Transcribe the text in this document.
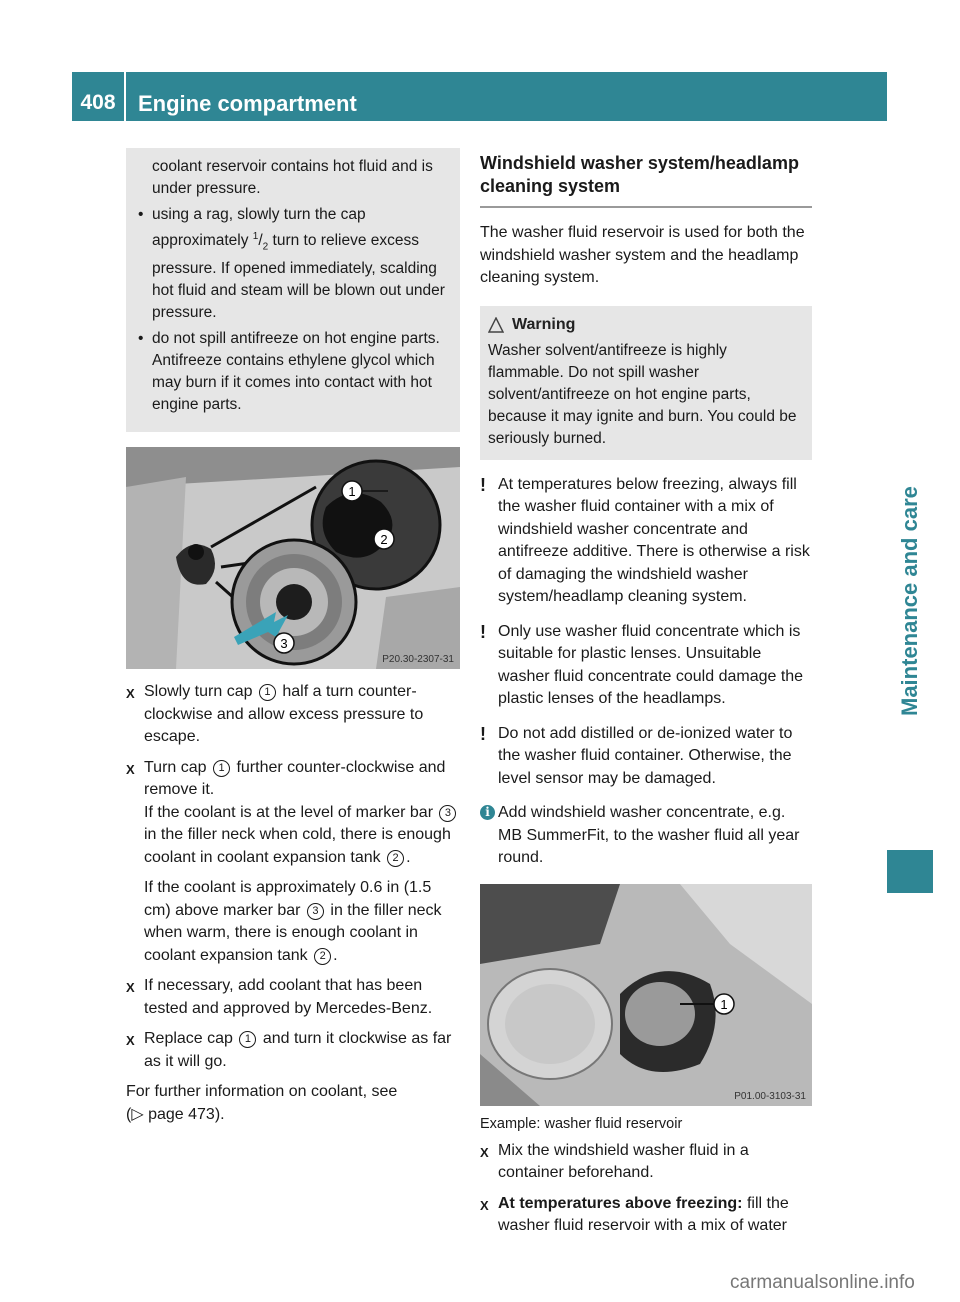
408	Engine compartment
Maintenance and care

coolant reservoir contains hot fluid and is under pressure.

• using a rag, slowly turn the cap approximately $^1/_2$ turn to relieve excess pressure. If opened immediately, scalding hot fluid and steam will be blown out under pressure.
• do not spill antifreeze on hot engine parts. Antifreeze contains ethylene glycol which may burn if it comes into contact with hot engine parts.
1
2
3
P20.30-2307-31
X Slowly turn cap 1 half a turn counter-clockwise and allow excess pressure to escape.

X Turn cap 1 further counter-clockwise and remove it.
If the coolant is at the level of marker bar 3 in the filler neck when cold, there is enough coolant in coolant expansion tank 2 .

If the coolant is approximately 0.6 in (1.5 cm) above marker bar 3 in the filler neck when warm, there is enough coolant in coolant expansion tank 2 .

X If necessary, add coolant that has been tested and approved by Mercedes-Benz.

X Replace cap 1 and turn it clockwise as far as it will go.

For further information on coolant, see
(▷ page 473).

Windshield washer system/headlamp cleaning system

The washer fluid reservoir is used for both the windshield washer system and the headlamp cleaning system.

Warning
Washer solvent/antifreeze is highly flammable. Do not spill washer solvent/antifreeze on hot engine parts, because it may ignite and burn. You could be seriously burned.
! At temperatures below freezing, always fill the washer fluid container with a mix of windshield washer concentrate and antifreeze additive. There is otherwise a risk of damaging the windshield washer system/headlamp cleaning system.
! Only use washer fluid concentrate which is suitable for plastic lenses. Unsuitable washer fluid concentrate could damage the plastic lenses of the headlamps.
! Do not add distilled or de-ionized water to the washer fluid container. Otherwise, the level sensor may be damaged.
i Add windshield washer concentrate, e.g. MB SummerFit, to the washer fluid all year round.
1
P01.00-3103-31
Example: washer fluid reservoir
X Mix the windshield washer fluid in a container beforehand.

X At temperatures above freezing: fill the washer fluid reservoir with a mix of water

carmanualsonline.info
